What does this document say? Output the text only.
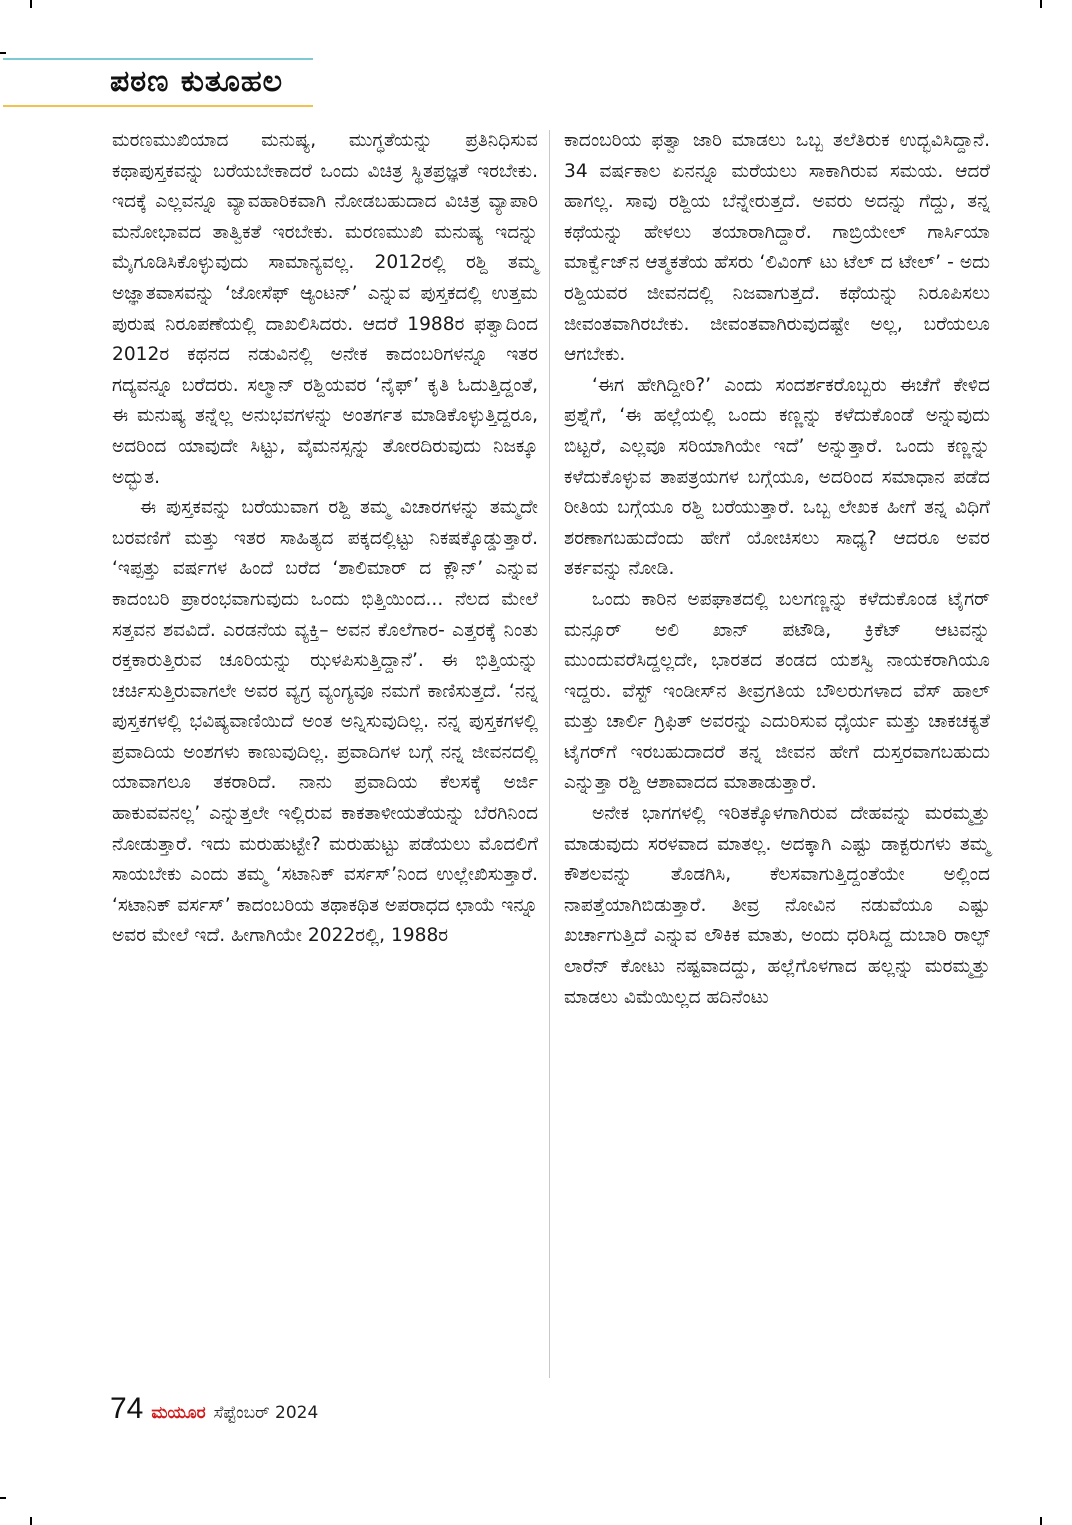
ಪಠಣ ಕುತೂಹಲ

ಮರಣಮುಖಿಯಾದ ಮನುಷ್ಯ, ಮುಗ್ಧತೆಯನ್ನು ಪ್ರತಿನಿಧಿಸುವ ಕಥಾಪುಸ್ತಕವನ್ನು ಬರೆಯಬೇಕಾದರೆ ಒಂದು ವಿಚಿತ್ರ ಸ್ಥಿತಪ್ರಜ್ಞತೆ ಇರಬೇಕು. ಇದಕ್ಕೆ ಎಲ್ಲವನ್ನೂ ವ್ಯಾವಹಾರಿಕವಾಗಿ ನೋಡಬಹುದಾದ ವಿಚಿತ್ರ ವ್ಯಾಪಾರಿ ಮನೋಭಾವದ ತಾತ್ವಿಕತೆ ಇರಬೇಕು. ಮರಣಮುಖಿ ಮನುಷ್ಯ ಇದನ್ನು ಮೈಗೂಡಿಸಿಕೊಳ್ಳುವುದು ಸಾಮಾನ್ಯವಲ್ಲ. 2012ರಲ್ಲಿ ರಶ್ದಿ ತಮ್ಮ ಅಜ್ಞಾತವಾಸವನ್ನು ‘ಜೋಸೆಫ್ ಆ್ಯಂಟನ್’ ಎನ್ನುವ ಪುಸ್ತಕದಲ್ಲಿ ಉತ್ತಮ ಪುರುಷ ನಿರೂಪಣೆಯಲ್ಲಿ ದಾಖಲಿಸಿದರು. ಆದರೆ 1988ರ ಫತ್ವಾದಿಂದ 2012ರ ಕಥನದ ನಡುವಿನಲ್ಲಿ ಅನೇಕ ಕಾದಂಬರಿಗಳನ್ನೂ ಇತರ ಗದ್ಯವನ್ನೂ ಬರೆದರು. ಸಲ್ಮಾನ್ ರಶ್ದಿಯವರ ‘ನೈಫ್’ ಕೃತಿ ಓದುತ್ತಿದ್ದಂತೆ, ಈ ಮನುಷ್ಯ ತನ್ನೆಲ್ಲ ಅನುಭವಗಳನ್ನು ಅಂತರ್ಗತ ಮಾಡಿಕೊಳ್ಳುತ್ತಿದ್ದರೂ, ಅದರಿಂದ ಯಾವುದೇ ಸಿಟ್ಟು, ವೈಮನಸ್ಸನ್ನು ತೋರದಿರುವುದು ನಿಜಕ್ಕೂ ಅದ್ಭುತ.

ಈ ಪುಸ್ತಕವನ್ನು ಬರೆಯುವಾಗ ರಶ್ದಿ ತಮ್ಮ ವಿಚಾರಗಳನ್ನು ತಮ್ಮದೇ ಬರವಣಿಗೆ ಮತ್ತು ಇತರ ಸಾಹಿತ್ಯದ ಪಕ್ಕದಲ್ಲಿಟ್ಟು ನಿಕಷಕ್ಕೊಡ್ಡುತ್ತಾರೆ. ‘ಇಪ್ಪತ್ತು ವರ್ಷಗಳ ಹಿಂದೆ ಬರೆದ ‘ಶಾಲಿಮಾರ್ ದ ಕ್ಲೌನ್’ ಎನ್ನುವ ಕಾದಂಬರಿ ಪ್ರಾರಂಭವಾಗುವುದು ಒಂದು ಭಿತ್ತಿಯಿಂದ... ನೆಲದ ಮೇಲೆ ಸತ್ತವನ ಶವವಿದೆ. ಎರಡನೆಯ ವ್ಯಕ್ತಿ– ಅವನ ಕೊಲೆಗಾರ- ಎತ್ತರಕ್ಕೆ ನಿಂತು ರಕ್ತಕಾರುತ್ತಿರುವ ಚೂರಿಯನ್ನು ಝಳಪಿಸುತ್ತಿದ್ದಾನೆ’. ಈ ಭಿತ್ತಿಯನ್ನು ಚರ್ಚಿಸುತ್ತಿರುವಾಗಲೇ ಅವರ ವ್ಯಗ್ರ ವ್ಯಂಗ್ಯವೂ ನಮಗೆ ಕಾಣಿಸುತ್ತದೆ. ‘ನನ್ನ ಪುಸ್ತಕಗಳಲ್ಲಿ ಭವಿಷ್ಯವಾಣಿಯಿದೆ ಅಂತ ಅನ್ನಿಸುವುದಿಲ್ಲ. ನನ್ನ ಪುಸ್ತಕಗಳಲ್ಲಿ ಪ್ರವಾದಿಯ ಅಂಶಗಳು ಕಾಣುವುದಿಲ್ಲ. ಪ್ರವಾದಿಗಳ ಬಗ್ಗೆ ನನ್ನ ಜೀವನದಲ್ಲಿ ಯಾವಾಗಲೂ ತಕರಾರಿದೆ. ನಾನು ಪ್ರವಾದಿಯ ಕೆಲಸಕ್ಕೆ ಅರ್ಜಿ ಹಾಕುವವನಲ್ಲ’ ಎನ್ನುತ್ತಲೇ ಇಲ್ಲಿರುವ ಕಾಕತಾಳೀಯತೆಯನ್ನು ಬೆರಗಿನಿಂದ ನೋಡುತ್ತಾರೆ. ಇದು ಮರುಹುಟ್ಟೇ? ಮರುಹುಟ್ಟು ಪಡೆಯಲು ಮೊದಲಿಗೆ ಸಾಯಬೇಕು ಎಂದು ತಮ್ಮ ‘ಸಟಾನಿಕ್ ವರ್ಸಸ್’ನಿಂದ ಉಲ್ಲೇಖಿಸುತ್ತಾರೆ. ‘ಸಟಾನಿಕ್ ವರ್ಸಸ್’ ಕಾದಂಬರಿಯ ತಥಾಕಥಿತ ಅಪರಾಧದ ಛಾಯೆ ಇನ್ನೂ ಅವರ ಮೇಲೆ ಇದೆ. ಹೀಗಾಗಿಯೇ 2022ರಲ್ಲಿ, 1988ರ

ಕಾದಂಬರಿಯ ಫತ್ವಾ ಜಾರಿ ಮಾಡಲು ಒಬ್ಬ ತಲೆತಿರುಕ ಉದ್ಭವಿಸಿದ್ದಾನೆ. 34 ವರ್ಷಕಾಲ ಏನನ್ನೂ ಮರೆಯಲು ಸಾಕಾಗಿರುವ ಸಮಯ. ಆದರೆ ಹಾಗಲ್ಲ. ಸಾವು ರಶ್ದಿಯ ಬೆನ್ನೇರುತ್ತದೆ. ಅವರು ಅದನ್ನು ಗೆದ್ದು, ತನ್ನ ಕಥೆಯನ್ನು ಹೇಳಲು ತಯಾರಾಗಿದ್ದಾರೆ. ಗಾಬ್ರಿಯೇಲ್ ಗಾರ್ಸಿಯಾ ಮಾರ್ಕ್ವೆಜ್‌ನ ಆತ್ಮಕತೆಯ ಹೆಸರು ‘ಲಿವಿಂಗ್ ಟು ಟೆಲ್ ದ ಟೇಲ್’ - ಅದು ರಶ್ದಿಯವರ ಜೀವನದಲ್ಲಿ ನಿಜವಾಗುತ್ತದೆ. ಕಥೆಯನ್ನು ನಿರೂಪಿಸಲು ಜೀವಂತವಾಗಿರಬೇಕು. ಜೀವಂತವಾಗಿರುವುದಷ್ಟೇ ಅಲ್ಲ, ಬರೆಯಲೂ ಆಗಬೇಕು.

‘ಈಗ ಹೇಗಿದ್ದೀರಿ?’ ಎಂದು ಸಂದರ್ಶಕರೊಬ್ಬರು ಈಚೆಗೆ ಕೇಳಿದ ಪ್ರಶ್ನೆಗೆ, ‘ಈ ಹಲ್ಲೆಯಲ್ಲಿ ಒಂದು ಕಣ್ಣನ್ನು ಕಳೆದುಕೊಂಡೆ ಅನ್ನುವುದು ಬಿಟ್ಟರೆ, ಎಲ್ಲವೂ ಸರಿಯಾಗಿಯೇ ಇದೆ’ ಅನ್ನುತ್ತಾರೆ. ಒಂದು ಕಣ್ಣನ್ನು ಕಳೆದುಕೊಳ್ಳುವ ತಾಪತ್ರಯಗಳ ಬಗ್ಗೆಯೂ, ಅದರಿಂದ ಸಮಾಧಾನ ಪಡೆದ ರೀತಿಯ ಬಗ್ಗೆಯೂ ರಶ್ದಿ ಬರೆಯುತ್ತಾರೆ. ಒಬ್ಬ ಲೇಖಕ ಹೀಗೆ ತನ್ನ ವಿಧಿಗೆ ಶರಣಾಗಬಹುದೆಂದು ಹೇಗೆ ಯೋಚಿಸಲು ಸಾಧ್ಯ? ಆದರೂ ಅವರ ತರ್ಕವನ್ನು ನೋಡಿ.

ಒಂದು ಕಾರಿನ ಅಪಘಾತದಲ್ಲಿ ಬಲಗಣ್ಣನ್ನು ಕಳೆದುಕೊಂಡ ಟೈಗರ್ ಮನ್ಸೂರ್ ಅಲಿ ಖಾನ್ ಪಟೌಡಿ, ಕ್ರಿಕೆಟ್ ಆಟವನ್ನು ಮುಂದುವರೆಸಿದ್ದಲ್ಲದೇ, ಭಾರತದ ತಂಡದ ಯಶಸ್ವಿ ನಾಯಕರಾಗಿಯೂ ಇದ್ದರು. ವೆಸ್ಟ್ ಇಂಡೀಸ್‌ನ ತೀವ್ರಗತಿಯ ಬೌಲರುಗಳಾದ ವೆಸ್ ಹಾಲ್ ಮತ್ತು ಚಾರ್ಲಿ ಗ್ರಿಫಿತ್ ಅವರನ್ನು ಎದುರಿಸುವ ಧೈರ್ಯ ಮತ್ತು ಚಾಕಚಕ್ಯತೆ ಟೈಗರ್‌ಗೆ ಇರಬಹುದಾದರೆ ತನ್ನ ಜೀವನ ಹೇಗೆ ದುಸ್ತರವಾಗಬಹುದು ಎನ್ನುತ್ತಾ ರಶ್ದಿ ಆಶಾವಾದದ ಮಾತಾಡುತ್ತಾರೆ.

ಅನೇಕ ಭಾಗಗಳಲ್ಲಿ ಇರಿತಕ್ಕೊಳಗಾಗಿರುವ ದೇಹವನ್ನು ಮರಮ್ಮತ್ತು ಮಾಡುವುದು ಸರಳವಾದ ಮಾತಲ್ಲ. ಅದಕ್ಕಾಗಿ ಎಷ್ಟು ಡಾಕ್ಟರುಗಳು ತಮ್ಮ ಕೌಶಲವನ್ನು ತೊಡಗಿಸಿ, ಕೆಲಸವಾಗುತ್ತಿದ್ದಂತೆಯೇ ಅಲ್ಲಿಂದ ನಾಪತ್ತೆಯಾಗಿಬಿಡುತ್ತಾರೆ. ತೀವ್ರ ನೋವಿನ ನಡುವೆಯೂ ಎಷ್ಟು ಖರ್ಚಾಗುತ್ತಿದೆ ಎನ್ನುವ ಲೌಕಿಕ ಮಾತು, ಅಂದು ಧರಿಸಿದ್ದ ದುಬಾರಿ ರಾಲ್ಫ್ ಲಾರೆನ್ ಕೋಟು ನಷ್ಟವಾದದ್ದು, ಹಲ್ಲೆಗೊಳಗಾದ ಹಲ್ಲನ್ನು ಮರಮ್ಮತ್ತು ಮಾಡಲು ವಿಮೆಯಿಲ್ಲದ ಹದಿನೆಂಟು

74 ಮಯೂರ ಸೆಪ್ಟೆಂಬರ್ 2024
